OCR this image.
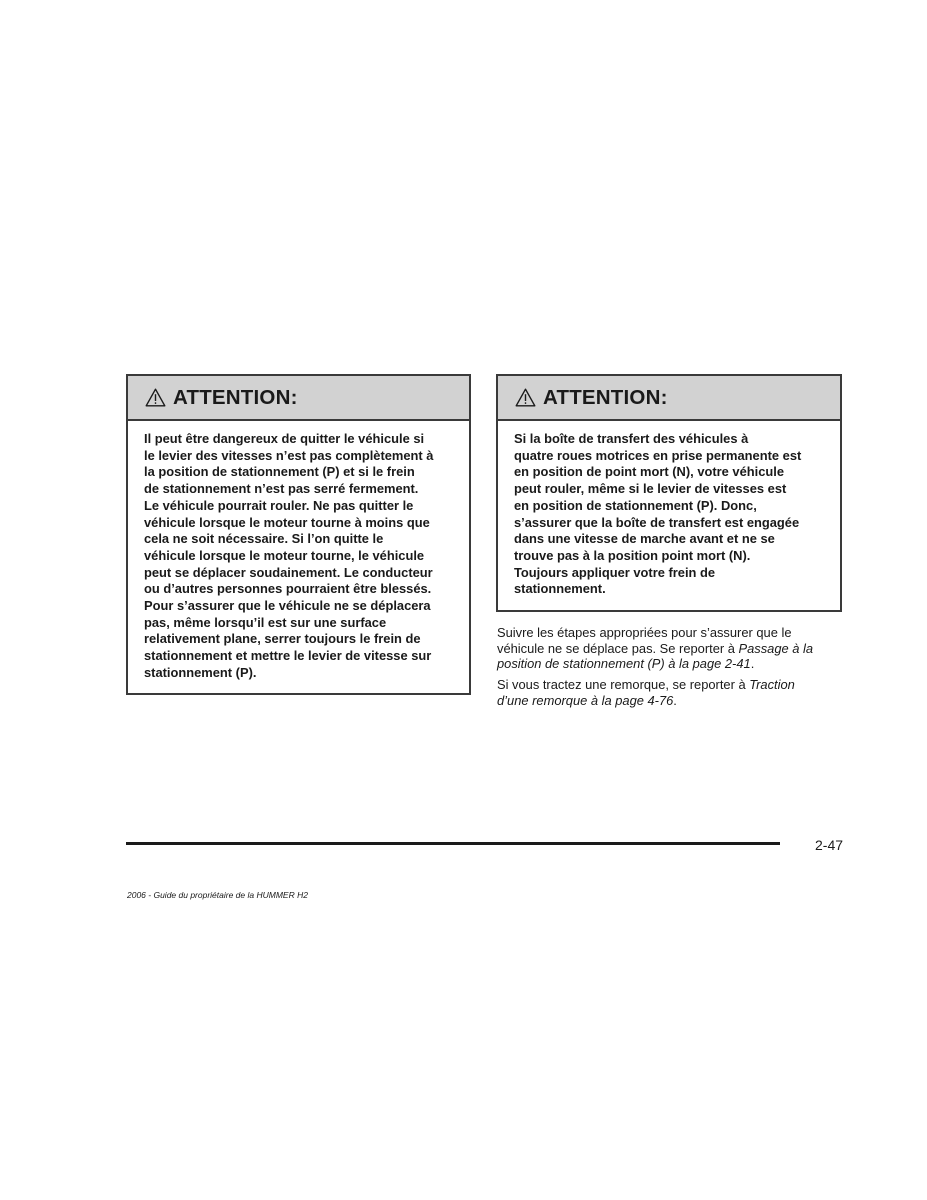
ATTENTION:
Il peut être dangereux de quitter le véhicule si
le levier des vitesses n’est pas complètement à
la position de stationnement (P) et si le frein
de stationnement n’est pas serré fermement.
Le véhicule pourrait rouler. Ne pas quitter le
véhicule lorsque le moteur tourne à moins que
cela ne soit nécessaire. Si l’on quitte le
véhicule lorsque le moteur tourne, le véhicule
peut se déplacer soudainement. Le conducteur
ou d’autres personnes pourraient être blessés.
Pour s’assurer que le véhicule ne se déplacera
pas, même lorsqu’il est sur une surface
relativement plane, serrer toujours le frein de
stationnement et mettre le levier de vitesse sur
stationnement (P).
ATTENTION:
Si la boîte de transfert des véhicules à
quatre roues motrices en prise permanente est
en position de point mort (N), votre véhicule
peut rouler, même si le levier de vitesses est
en position de stationnement (P). Donc,
s’assurer que la boîte de transfert est engagée
dans une vitesse de marche avant et ne se
trouve pas à la position point mort (N).
Toujours appliquer votre frein de
stationnement.
Suivre les étapes appropriées pour s’assurer que le
véhicule ne se déplace pas. Se reporter à Passage à la
position de stationnement (P) à la page 2-41.
Si vous tractez une remorque, se reporter à Traction
d’une remorque à la page 4-76.
2-47
2006 - Guide du propriétaire de la HUMMER H2
